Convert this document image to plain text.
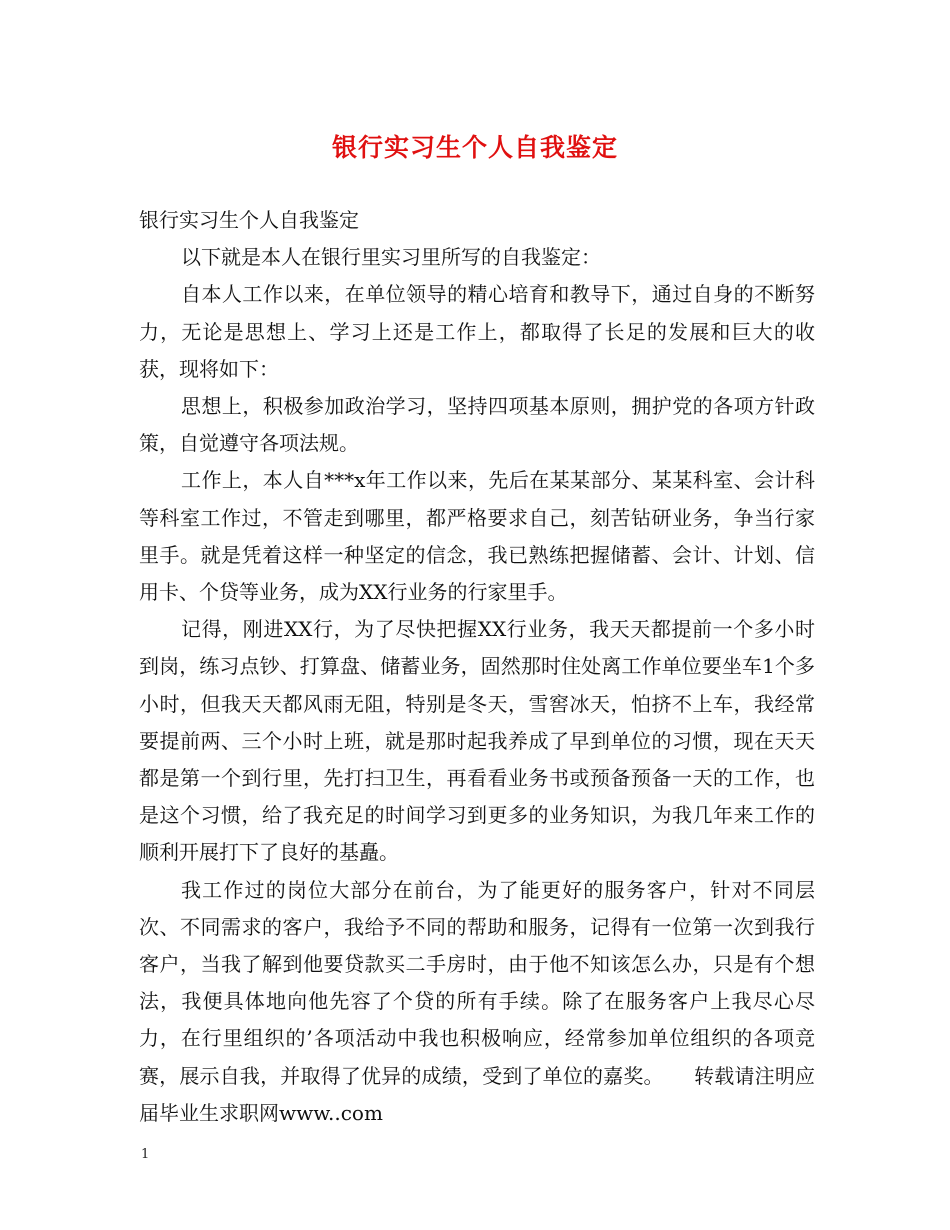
银行实习生个人自我鉴定

银行实习生个人自我鉴定

以下就是本人在银行里实习里所写的自我鉴定：

自本人工作以来，在单位领导的精心培育和教导下，通过自身的不断努力，无论是思想上、学习上还是工作上，都取得了长足的发展和巨大的收获，现将如下：

思想上，积极参加政治学习，坚持四项基本原则，拥护党的各项方针政策，自觉遵守各项法规。

工作上，本人自***x年工作以来，先后在某某部分、某某科室、会计科等科室工作过，不管走到哪里，都严格要求自己，刻苦钻研业务，争当行家里手。就是凭着这样一种坚定的信念，我已熟练把握储蓄、会计、计划、信用卡、个贷等业务，成为XX行业务的行家里手。

记得，刚进XX行，为了尽快把握XX行业务，我天天都提前一个多小时到岗，练习点钞、打算盘、储蓄业务，固然那时住处离工作单位要坐车1个多小时，但我天天都风雨无阻，特别是冬天，雪窖冰天，怕挤不上车，我经常要提前两、三个小时上班，就是那时起我养成了早到单位的习惯，现在天天都是第一个到行里，先打扫卫生，再看看业务书或预备预备一天的工作，也是这个习惯，给了我充足的时间学习到更多的业务知识，为我几年来工作的顺利开展打下了良好的基矗。

我工作过的岗位大部分在前台，为了能更好的服务客户，针对不同层次、不同需求的客户，我给予不同的帮助和服务，记得有一位第一次到我行客户，当我了解到他要贷款买二手房时，由于他不知该怎么办，只是有个想法，我便具体地向他先容了个贷的所有手续。除了在服务客户上我尽心尽力，在行里组织的’各项活动中我也积极响应，经常参加单位组织的各项竞赛，展示自我，并取得了优异的成绩，受到了单位的嘉奖。　　转载请注明应届毕业生求职网www..com

1
